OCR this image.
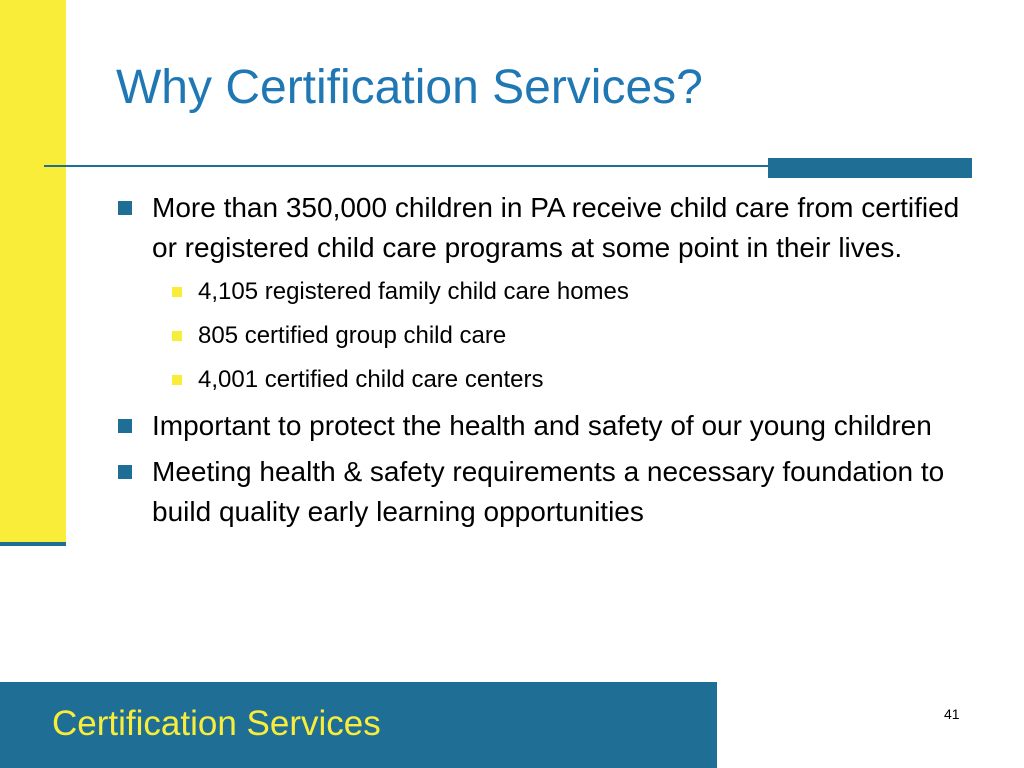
Why Certification Services?
More than 350,000 children in PA receive child care from certified or registered child care programs at some point in their lives.
4,105 registered family child care homes
805 certified group child care
4,001 certified child care centers
Important to protect the health and safety of our young children
Meeting health & safety requirements a necessary foundation to build quality early learning opportunities
Certification Services	41
